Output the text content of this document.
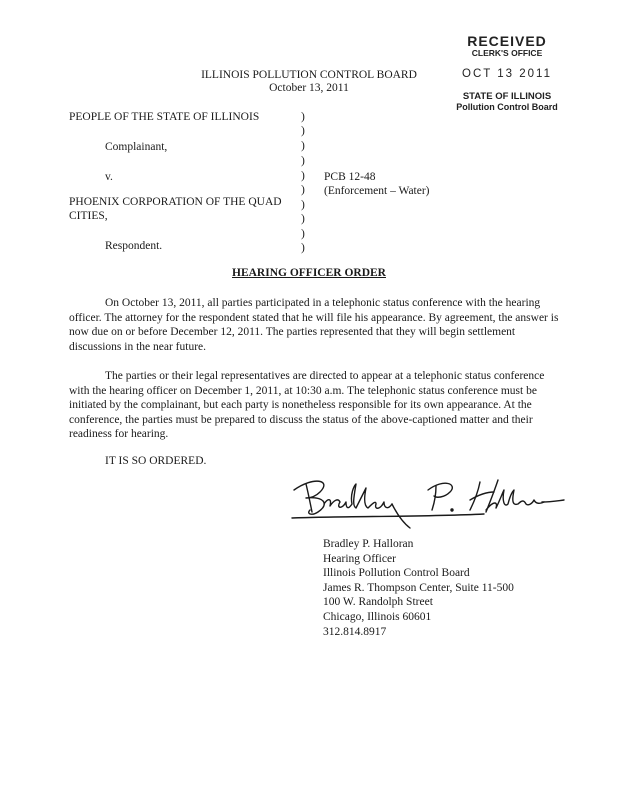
RECEIVED
CLERK'S OFFICE
OCT 13 2011
STATE OF ILLINOIS
Pollution Control Board
ILLINOIS POLLUTION CONTROL BOARD
October 13, 2011
PEOPLE OF THE STATE OF ILLINOIS
Complainant,
v.
PHOENIX CORPORATION OF THE QUAD
CITIES,
Respondent.
PCB 12-48
(Enforcement – Water)
)
)
)
)
)
)
)
)
)
)
HEARING OFFICER ORDER

On October 13, 2011, all parties participated in a telephonic status conference with the hearing officer. The attorney for the respondent stated that he will file his appearance. By agreement, the answer is now due on or before December 12, 2011. The parties represented that they will begin settlement discussions in the near future.

The parties or their legal representatives are directed to appear at a telephonic status conference with the hearing officer on December 1, 2011, at 10:30 a.m. The telephonic status conference must be initiated by the complainant, but each party is nonetheless responsible for its own appearance. At the conference, the parties must be prepared to discuss the status of the above-captioned matter and their readiness for hearing.

IT IS SO ORDERED.
Bradley P. Halloran
Hearing Officer
Illinois Pollution Control Board
James R. Thompson Center, Suite 11-500
100 W. Randolph Street
Chicago, Illinois 60601
312.814.8917
